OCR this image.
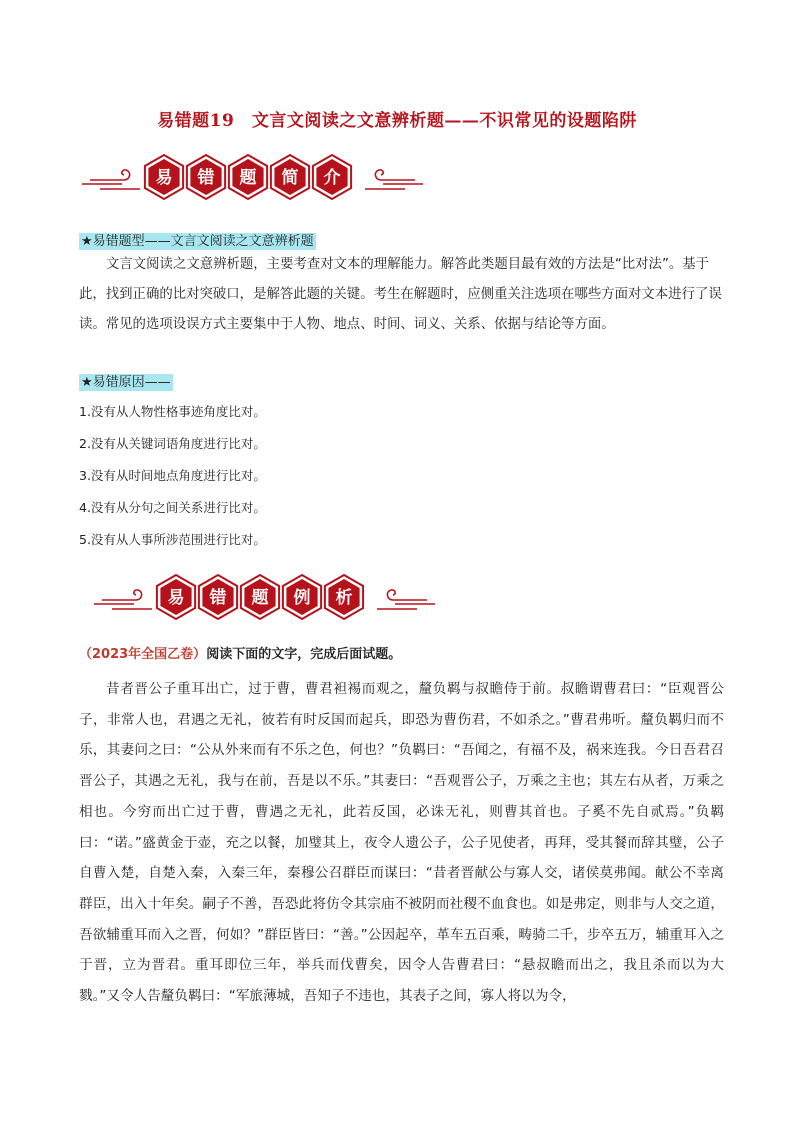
易错题19　文言文阅读之文意辨析题——不识常见的设题陷阱
易 错 题 简 介
★易错题型——文言文阅读之文意辨析题

文言文阅读之文意辨析题，主要考查对文本的理解能力。解答此类题目最有效的方法是“比对法”。基于此，找到正确的比对突破口，是解答此题的关键。考生在解题时，应侧重关注选项在哪些方面对文本进行了误读。常见的选项设误方式主要集中于人物、地点、时间、词义、关系、依据与结论等方面。

★易错原因——
1.没有从人物性格事迹角度比对。
2.没有从关键词语角度进行比对。
3.没有从时间地点角度进行比对。
4.没有从分句之间关系进行比对。
5.没有从人事所涉范围进行比对。
易 错 题 例 析
（2023年全国乙卷）阅读下面的文字，完成后面试题。

昔者晋公子重耳出亡，过于曹，曹君袒裼而观之，釐负羁与叔瞻侍于前。叔瞻谓曹君曰：“臣观晋公子，非常人也，君遇之无礼，彼若有时反国而起兵，即恐为曹伤君，不如杀之。”曹君弗听。釐负羁归而不乐，其妻问之曰：“公从外来而有不乐之色，何也？”负羁曰：“吾闻之，有福不及，祸来连我。今日吾君召晋公子，其遇之无礼，我与在前，吾是以不乐。”其妻曰：“吾观晋公子，万乘之主也；其左右从者，万乘之相也。今穷而出亡过于曹，曹遇之无礼，此若反国，必诛无礼，则曹其首也。子奚不先自贰焉。”负羁曰：“诺。”盛黄金于壶，充之以餐，加璧其上，夜令人遗公子，公子见使者，再拜，受其餐而辞其璧，公子自曹入楚，自楚入秦，入秦三年，秦穆公召群臣而谋曰：“昔者晋献公与寡人交，诸侯莫弗闻。献公不幸离群臣，出入十年矣。嗣子不善，吾恐此将仿令其宗庙不被阴而社稷不血食也。如是弗定，则非与人交之道，吾欲辅重耳而入之晋，何如？”群臣皆曰：“善。”公因起卒，革车五百乘，畴骑二千，步卒五万，辅重耳入之于晋，立为晋君。重耳即位三年，举兵而伐曹矣，因令人告曹君曰：“悬叔瞻而出之，我且杀而以为大戮。”又令人告釐负羁曰：“军旅薄城，吾知子不违也，其表子之间，寡人将以为令，
